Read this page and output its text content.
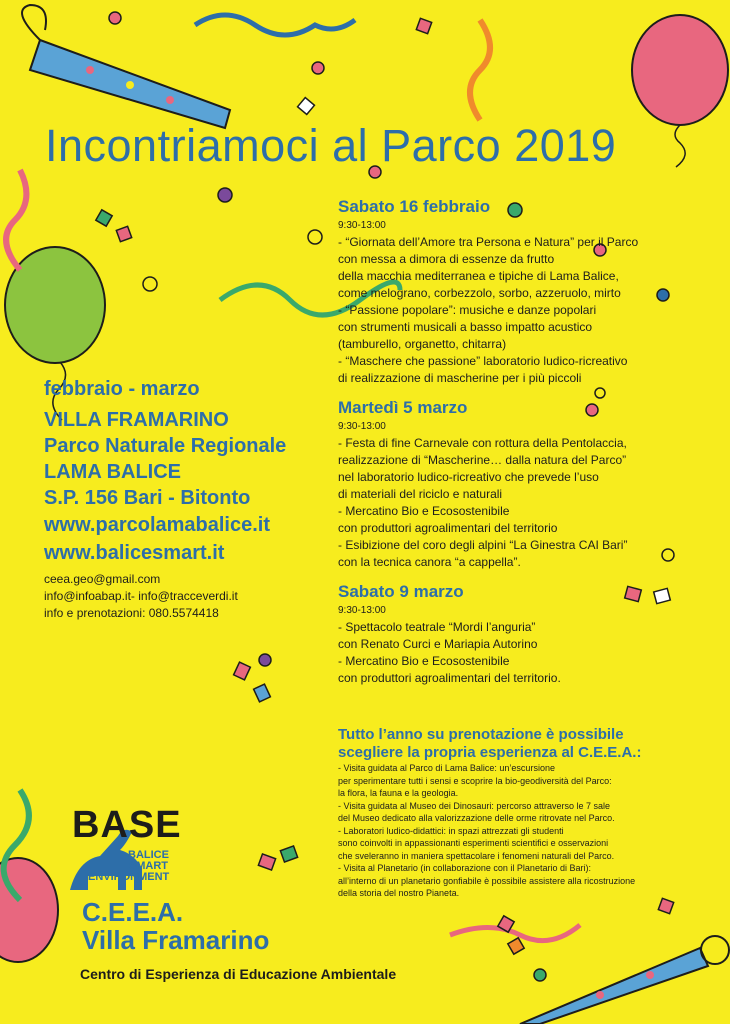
Incontriamoci al Parco 2019
febbraio - marzo
VILLA FRAMARINO
Parco Naturale Regionale
LAMA BALICE
S.P. 156 Bari - Bitonto
www.parcolamabalice.it
www.balicesmart.it
ceea.geo@gmail.com
info@infoabap.it- info@tracceverdi.it
info e prenotazioni: 080.5574418
Sabato 16 febbraio
9:30-13:00
- “Giornata dell’Amore tra Persona e Natura” per il Parco
con messa a dimora di essenze da frutto
della macchia mediterranea e tipiche di Lama Balice,
come melograno, corbezzolo, sorbo, azzeruolo, mirto
- “Passione popolare”: musiche e danze popolari
con strumenti musicali a basso impatto acustico
(tamburello, organetto, chitarra)
- “Maschere che passione” laboratorio ludico-ricreativo
di realizzazione di mascherine per i più piccoli
Martedì 5 marzo
9:30-13:00
- Festa di fine Carnevale con rottura della Pentolaccia,
realizzazione di “Mascherine… dalla natura del Parco”
nel laboratorio ludico-ricreativo che prevede l’uso
di materiali del riciclo e naturali
- Mercatino Bio e Ecosostenibile
con produttori agroalimentari del territorio
- Esibizione del coro degli alpini “La Ginestra CAI Bari”
con la tecnica canora “a cappella”.
Sabato 9 marzo
9:30-13:00
- Spettacolo teatrale “Mordi l’anguria”
con Renato Curci e Mariapia Autorino
- Mercatino Bio e Ecosostenibile
con produttori agroalimentari del territorio.
Tutto l’anno su prenotazione è possibile
scegliere la propria esperienza al C.E.E.A.:
- Visita guidata al Parco di Lama Balice: un’escursione
per sperimentare tutti i sensi e scoprire la bio-geodiversità del Parco:
la flora, la fauna e la geologia.
- Visita guidata al Museo dei Dinosauri: percorso attraverso le 7 sale
del Museo dedicato alla valorizzazione delle orme ritrovate nel Parco.
- Laboratori ludico-didattici: in spazi attrezzati gli studenti
sono coinvolti in appassionanti esperimenti scientifici e osservazioni
che sveleranno in maniera spettacolare i fenomeni naturali del Parco.
- Visita al Planetario (in collaborazione con il Planetario di Bari):
all’interno di un planetario gonfiabile è possibile assistere alla ricostruzione
della storia del nostro Pianeta.
BASE
BALICE
SMART
ENVIRONMENT
C.E.E.A.
Villa Framarino
Centro di Esperienza di Educazione Ambientale
